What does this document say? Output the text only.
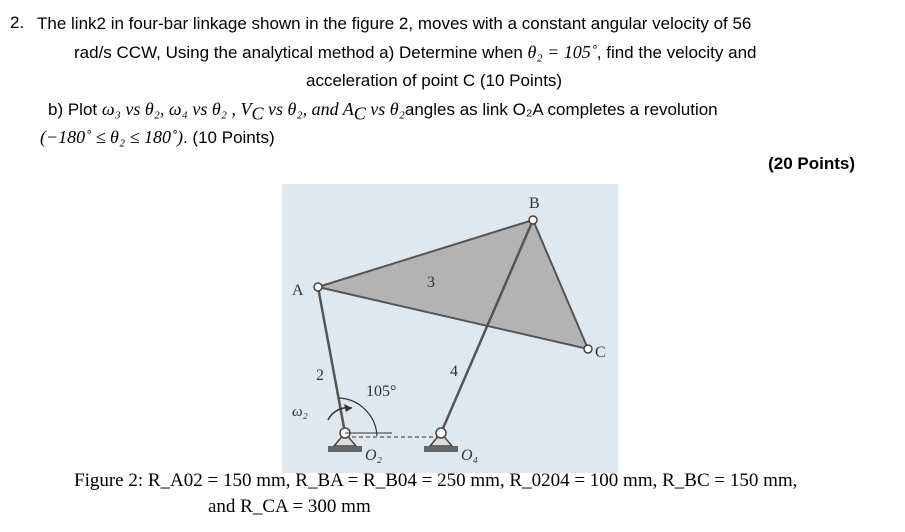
2. The link2 in four-bar linkage shown in the figure 2, moves with a constant angular velocity of 56
rad/s CCW, Using the analytical method a) Determine when θ₂ = 105˚, find the velocity and
acceleration of point C (10 Points)
b) Plot ω₃ vs θ₂, ω₄ vs θ₂ , $V_C$ vs θ₂, and $A_C$ vs θ₂angles as link O₂A completes a revolution
(−180˚ ≤ θ₂ ≤ 180˚). (10 Points)
(20 Points)
A
B
C
2
3
4
105°
ω₂
O₂	O₄
Figure 2: R_A02 = 150 mm, R_BA = R_B04 = 250 mm, R_0204 = 100 mm, R_BC = 150 mm,
and R_CA = 300 mm
